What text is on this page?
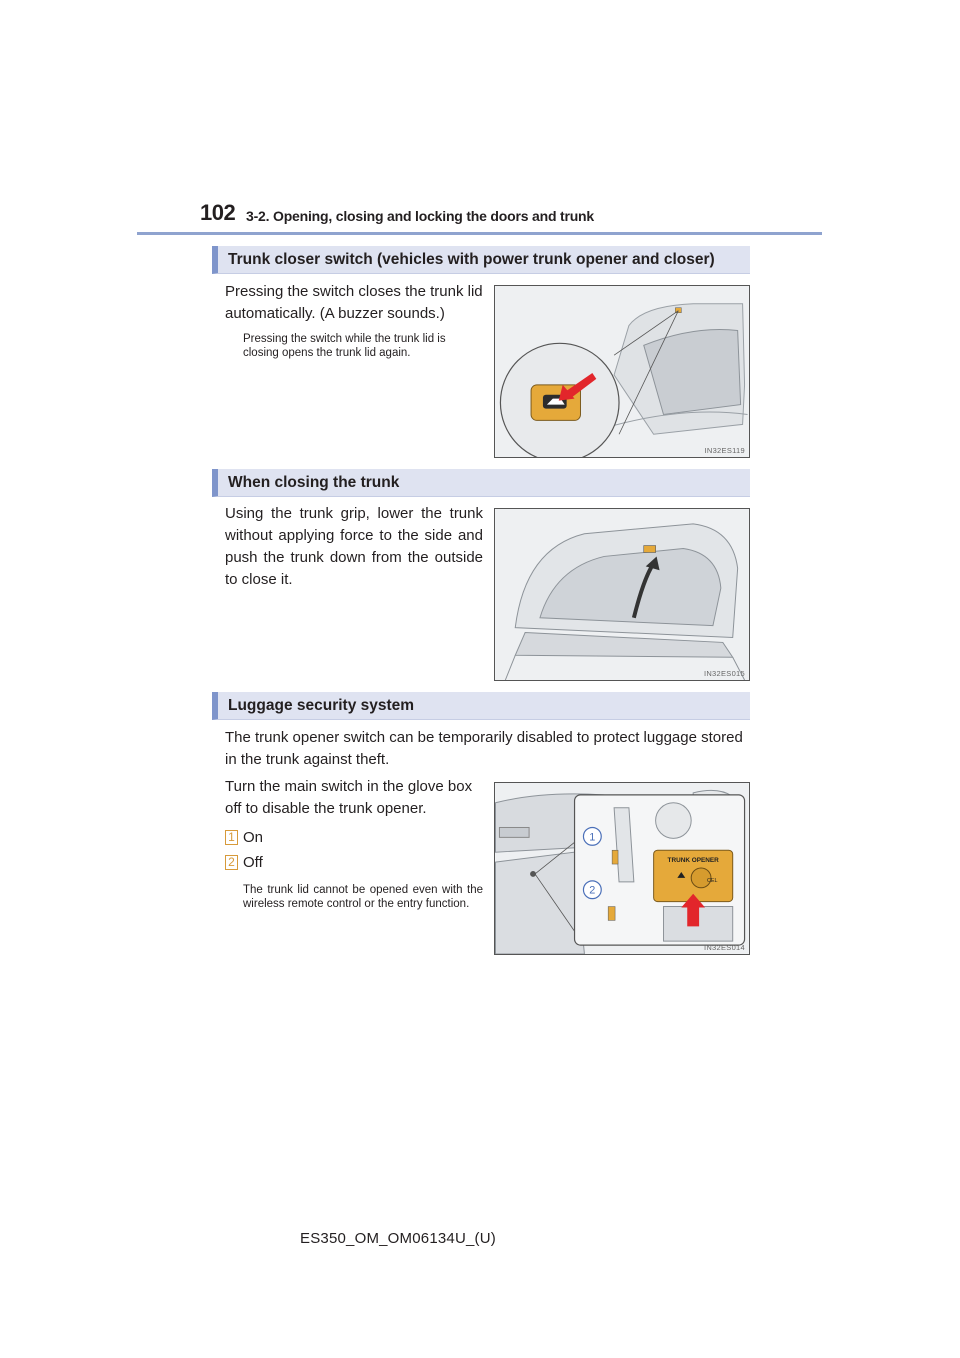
102 3-2. Opening, closing and locking the doors and trunk
Trunk closer switch (vehicles with power trunk opener and closer)
Pressing the switch closes the trunk lid automatically. (A buzzer sounds.)
Pressing the switch while the trunk lid is closing opens the trunk lid again.
IN32ES119
When closing the trunk
Using the trunk grip, lower the trunk without applying force to the side and push the trunk down from the outside to close it.
IN32ES015
Luggage security system
The trunk opener switch can be temporarily disabled to protect luggage stored in the trunk against theft.
Turn the main switch in the glove box off to disable the trunk opener.
1 On
2 Off
The trunk lid cannot be opened even with the wireless remote control or the entry function.
TRUNK OPENER
CEL
1
2
IN32ES014
ES350_OM_OM06134U_(U)
